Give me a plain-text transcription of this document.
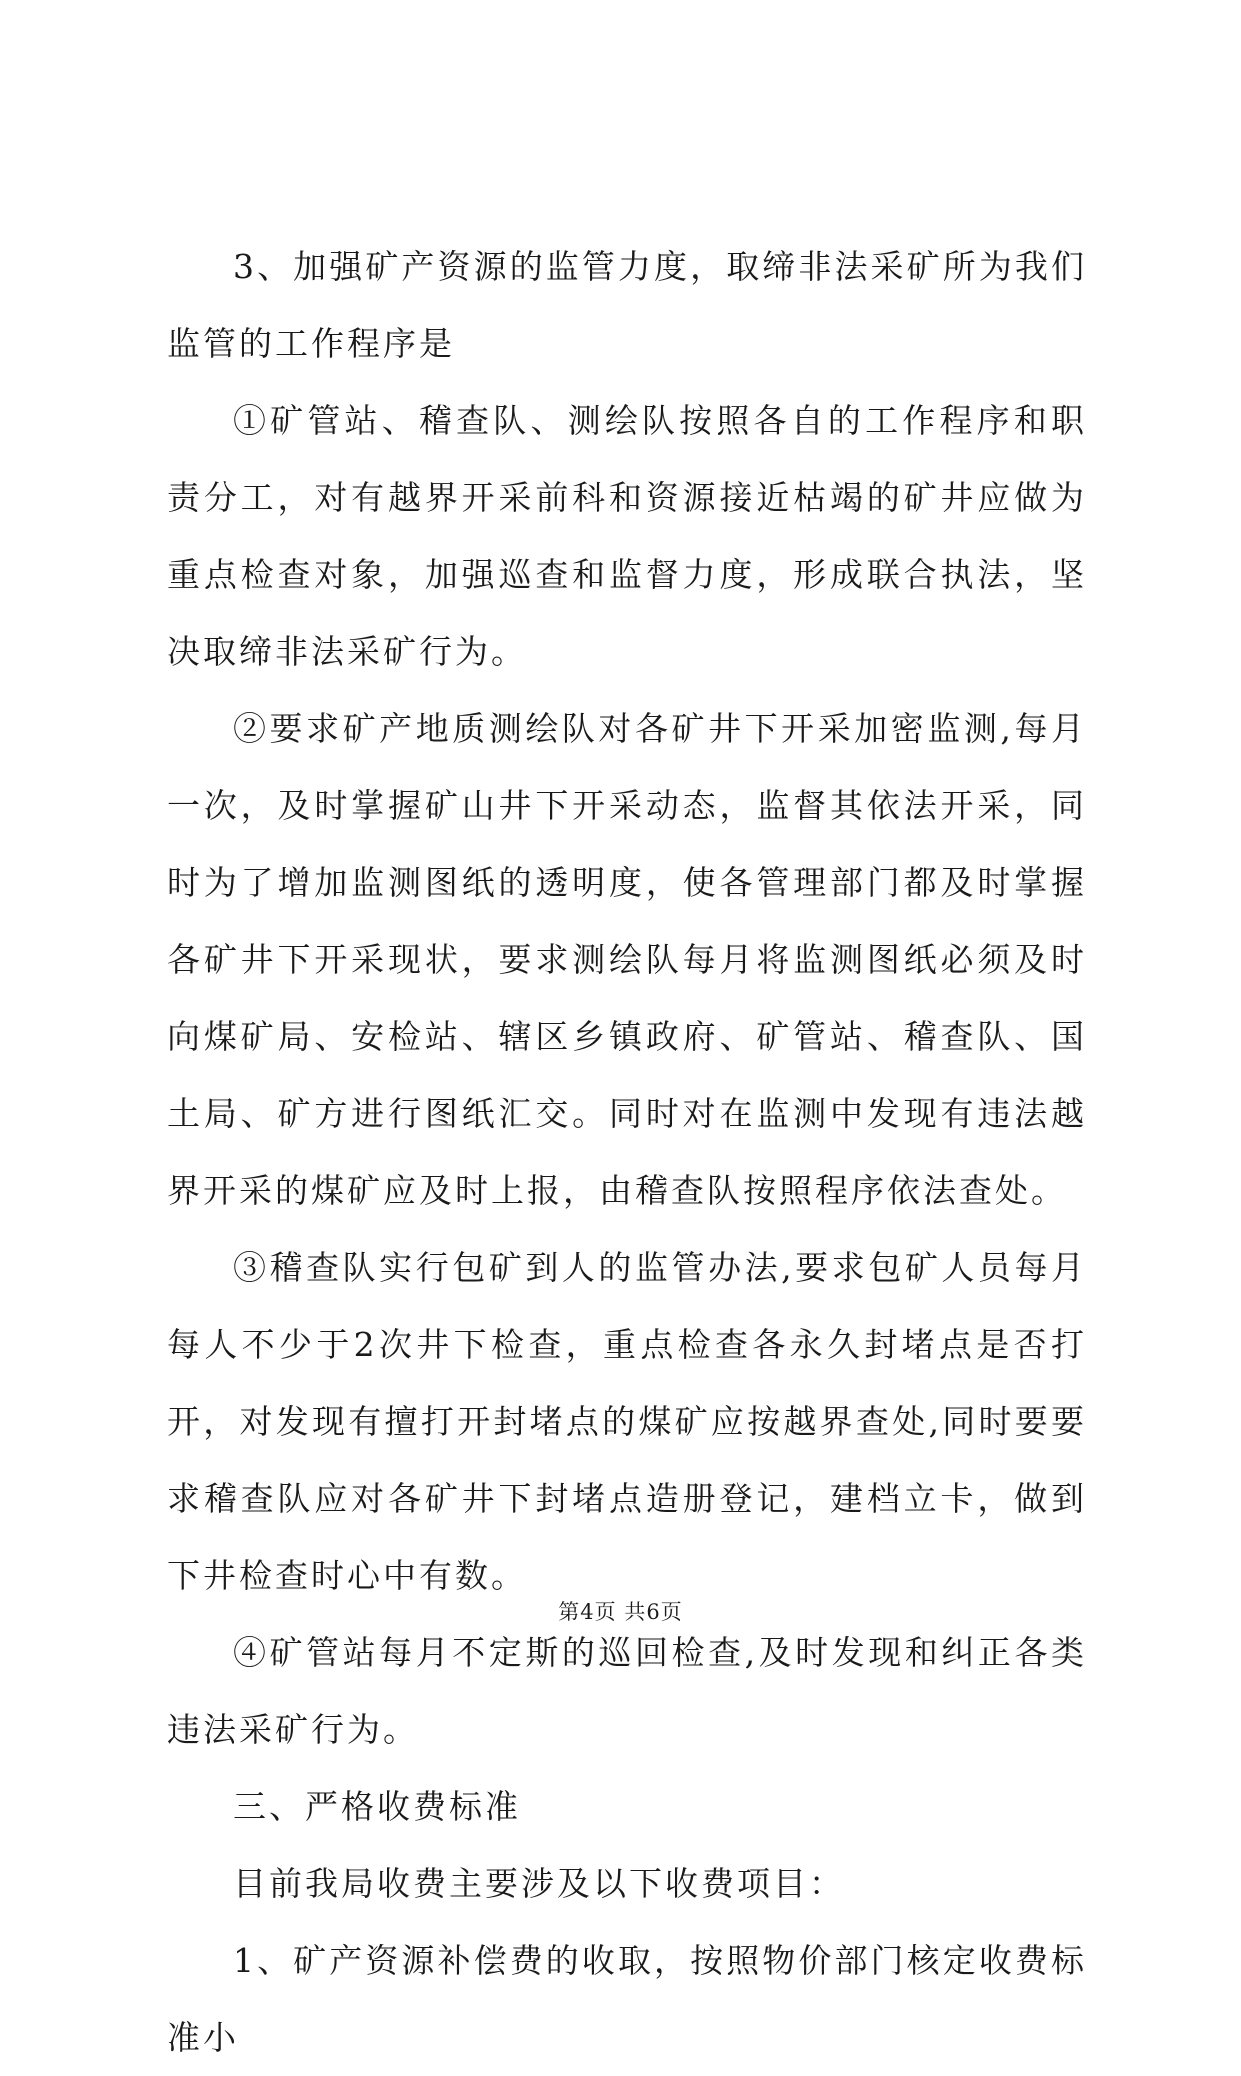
3、加强矿产资源的监管力度，取缔非法采矿所为我们监管的工作程序是

①矿管站、稽查队、测绘队按照各自的工作程序和职责分工，对有越界开采前科和资源接近枯竭的矿井应做为重点检查对象，加强巡查和监督力度，形成联合执法，坚决取缔非法采矿行为。

②要求矿产地质测绘队对各矿井下开采加密监测,每月一次，及时掌握矿山井下开采动态，监督其依法开采，同时为了增加监测图纸的透明度，使各管理部门都及时掌握各矿井下开采现状，要求测绘队每月将监测图纸必须及时向煤矿局、安检站、辖区乡镇政府、矿管站、稽查队、国土局、矿方进行图纸汇交。同时对在监测中发现有违法越界开采的煤矿应及时上报，由稽查队按照程序依法查处。

③稽查队实行包矿到人的监管办法,要求包矿人员每月每人不少于2次井下检查，重点检查各永久封堵点是否打开，对发现有擅打开封堵点的煤矿应按越界查处,同时要要求稽查队应对各矿井下封堵点造册登记，建档立卡，做到下井检查时心中有数。

④矿管站每月不定斯的巡回检查,及时发现和纠正各类违法采矿行为。

三、严格收费标准

目前我局收费主要涉及以下收费项目：

1、矿产资源补偿费的收取，按照物价部门核定收费标准小

第4页 共6页
